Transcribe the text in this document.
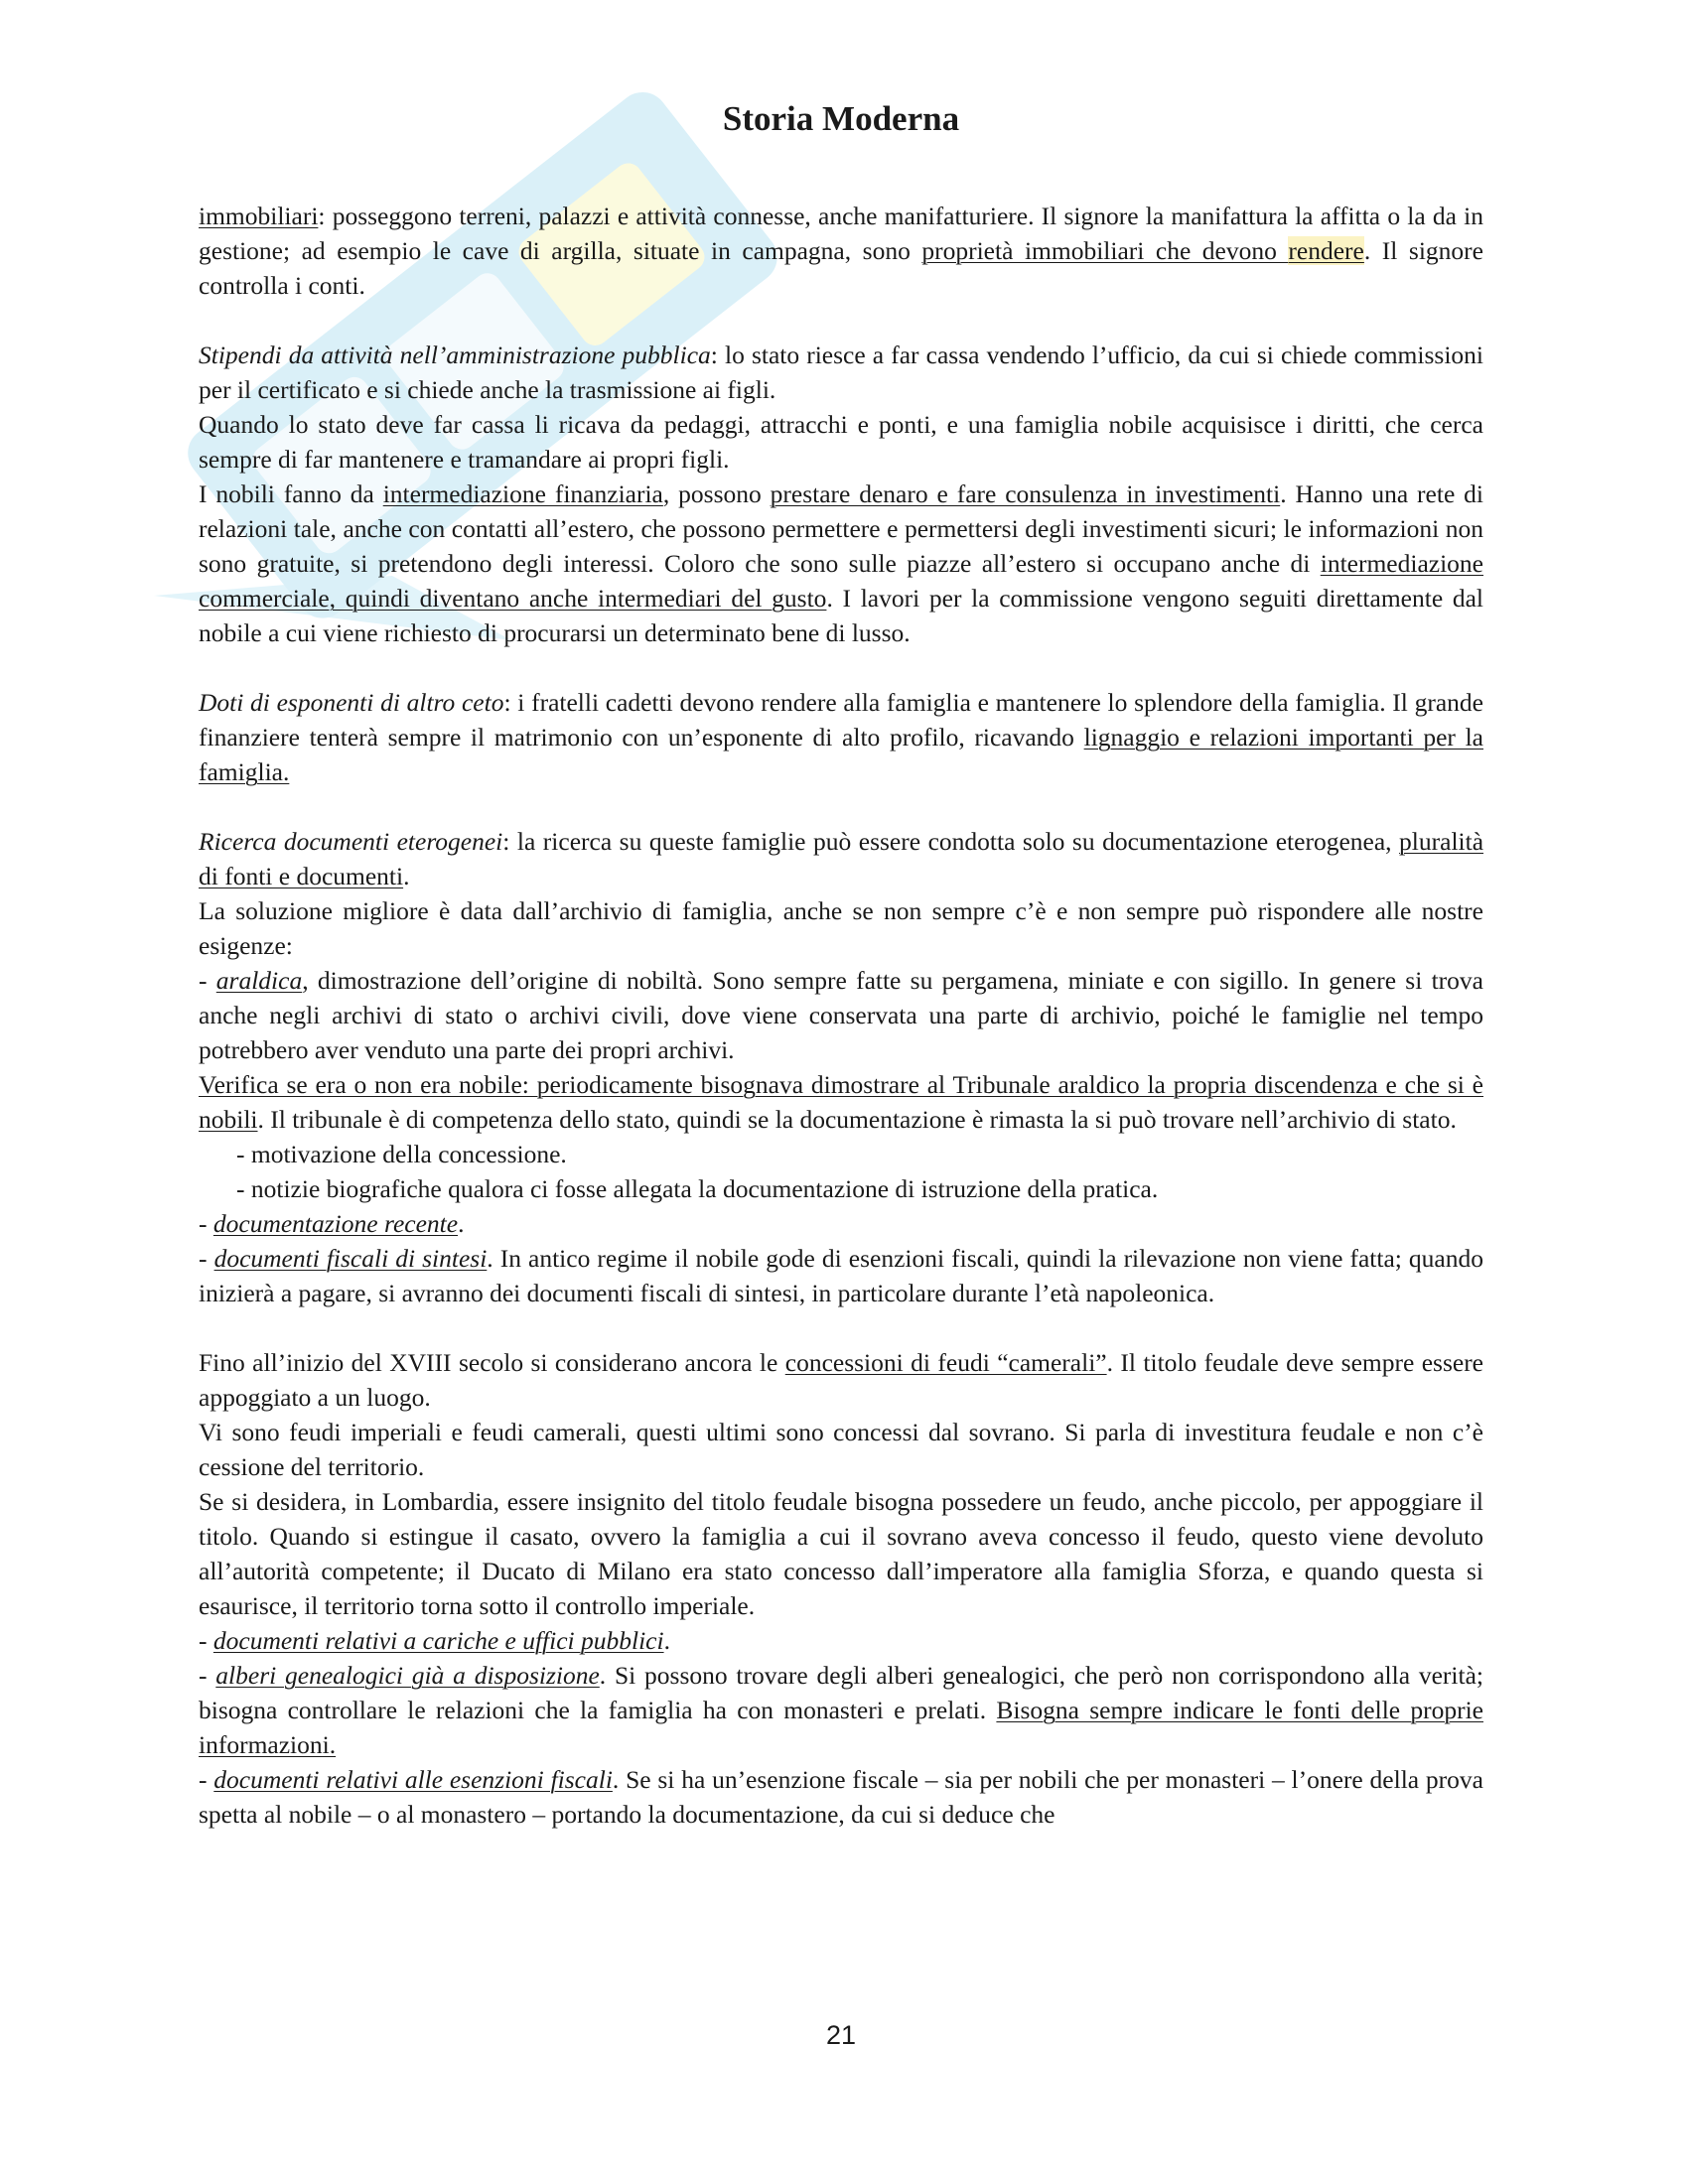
Storia Moderna

immobiliari: posseggono terreni, palazzi e attività connesse, anche manifatturiere. Il signore la manifattura la affitta o la da in gestione; ad esempio le cave di argilla, situate in campagna, sono proprietà immobiliari che devono rendere. Il signore controlla i conti.

Stipendi da attività nell’amministrazione pubblica: lo stato riesce a far cassa vendendo l’ufficio, da cui si chiede commissioni per il certificato e si chiede anche la trasmissione ai figli.

Quando lo stato deve far cassa li ricava da pedaggi, attracchi e ponti, e una famiglia nobile acquisisce i diritti, che cerca sempre di far mantenere e tramandare ai propri figli.

I nobili fanno da intermediazione finanziaria, possono prestare denaro e fare consulenza in investimenti. Hanno una rete di relazioni tale, anche con contatti all’estero, che possono permettere e permettersi degli investimenti sicuri; le informazioni non sono gratuite, si pretendono degli interessi. Coloro che sono sulle piazze all’estero si occupano anche di intermediazione commerciale, quindi diventano anche intermediari del gusto. I lavori per la commissione vengono seguiti direttamente dal nobile a cui viene richiesto di procurarsi un determinato bene di lusso.

Doti di esponenti di altro ceto: i fratelli cadetti devono rendere alla famiglia e mantenere lo splendore della famiglia. Il grande finanziere tenterà sempre il matrimonio con un’esponente di alto profilo, ricavando lignaggio e relazioni importanti per la famiglia.

Ricerca documenti eterogenei: la ricerca su queste famiglie può essere condotta solo su documentazione eterogenea, pluralità di fonti e documenti.

La soluzione migliore è data dall’archivio di famiglia, anche se non sempre c’è e non sempre può rispondere alle nostre esigenze:

- araldica, dimostrazione dell’origine di nobiltà. Sono sempre fatte su pergamena, miniate e con sigillo. In genere si trova anche negli archivi di stato o archivi civili, dove viene conservata una parte di archivio, poiché le famiglie nel tempo potrebbero aver venduto una parte dei propri archivi.

Verifica se era o non era nobile: periodicamente bisognava dimostrare al Tribunale araldico la propria discendenza e che si è nobili. Il tribunale è di competenza dello stato, quindi se la documentazione è rimasta la si può trovare nell’archivio di stato.

- motivazione della concessione.

- notizie biografiche qualora ci fosse allegata la documentazione di istruzione della pratica.

- documentazione recente.

- documenti fiscali di sintesi. In antico regime il nobile gode di esenzioni fiscali, quindi la rilevazione non viene fatta; quando inizierà a pagare, si avranno dei documenti fiscali di sintesi, in particolare durante l’età napoleonica.

Fino all’inizio del XVIII secolo si considerano ancora le concessioni di feudi “camerali”. Il titolo feudale deve sempre essere appoggiato a un luogo.

Vi sono feudi imperiali e feudi camerali, questi ultimi sono concessi dal sovrano. Si parla di investitura feudale e non c’è cessione del territorio.

Se si desidera, in Lombardia, essere insignito del titolo feudale bisogna possedere un feudo, anche piccolo, per appoggiare il titolo. Quando si estingue il casato, ovvero la famiglia a cui il sovrano aveva concesso il feudo, questo viene devoluto all’autorità competente; il Ducato di Milano era stato concesso dall’imperatore alla famiglia Sforza, e quando questa si esaurisce, il territorio torna sotto il controllo imperiale.

- documenti relativi a cariche e uffici pubblici.

- alberi genealogici già a disposizione. Si possono trovare degli alberi genealogici, che però non corrispondono alla verità; bisogna controllare le relazioni che la famiglia ha con monasteri e prelati. Bisogna sempre indicare le fonti delle proprie informazioni.

- documenti relativi alle esenzioni fiscali. Se si ha un’esenzione fiscale – sia per nobili che per monasteri – l’onere della prova spetta al nobile – o al monastero – portando la documentazione, da cui si deduce che

21
